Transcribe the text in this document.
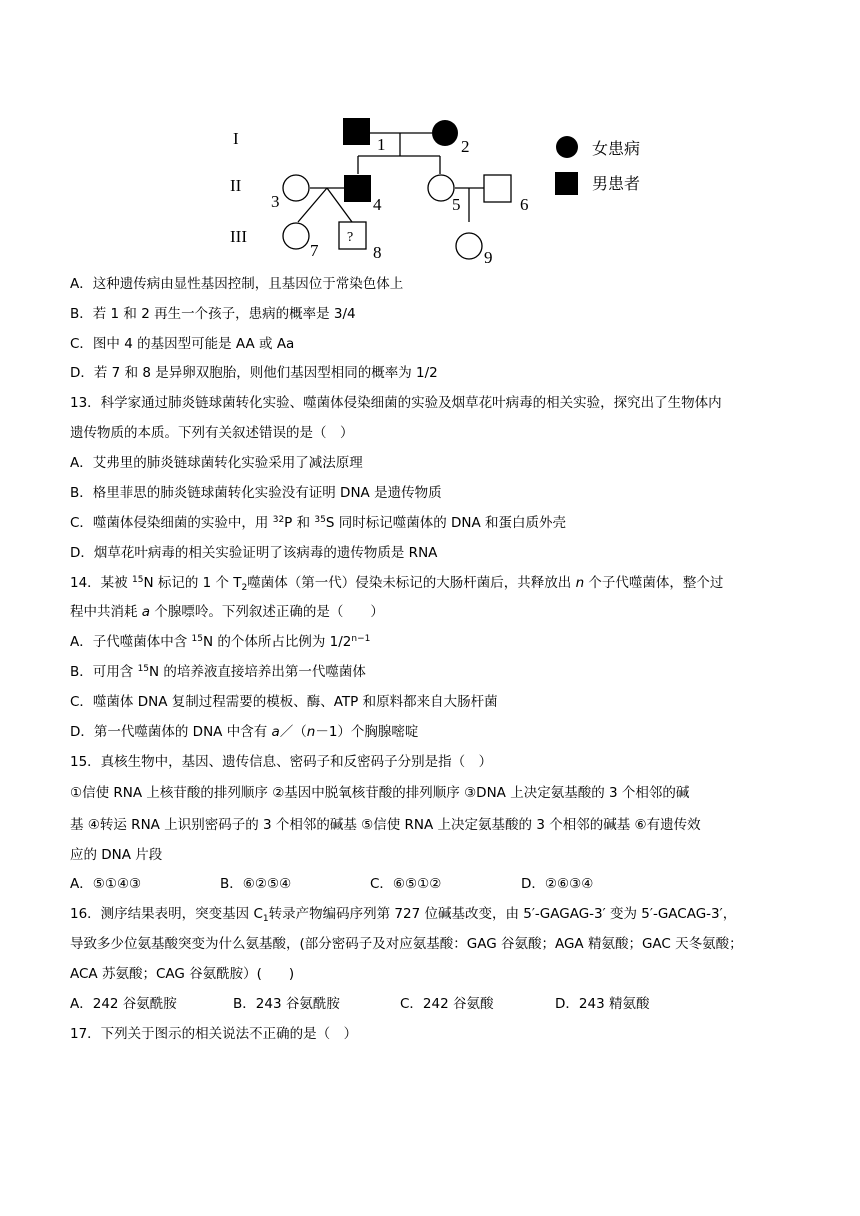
I
II
III	?
1	2
3	4	5	6
7	8	9
女患病
男患者
A．这种遗传病由显性基因控制，且基因位于常染色体上
B．若 1 和 2 再生一个孩子，患病的概率是 3/4
C．图中 4 的基因型可能是 AA 或 Aa
D．若 7 和 8 是异卵双胞胎，则他们基因型相同的概率为 1/2
13．科学家通过肺炎链球菌转化实验、噬菌体侵染细菌的实验及烟草花叶病毒的相关实验，探究出了生物体内
遗传物质的本质。下列有关叙述错误的是（　）
A．艾弗里的肺炎链球菌转化实验采用了减法原理
B．格里菲思的肺炎链球菌转化实验没有证明 DNA 是遗传物质
C．噬菌体侵染细菌的实验中，用 $^{32}$P 和 $^{35}$S 同时标记噬菌体的 DNA 和蛋白质外壳
D．烟草花叶病毒的相关实验证明了该病毒的遗传物质是 RNA
14．某被 $^{15}$N 标记的 1 个 $T_2$噬菌体（第一代）侵染未标记的大肠杆菌后，共释放出 n 个子代噬菌体，整个过
程中共消耗 a 个腺嘌呤。下列叙述正确的是（　　）
A．子代噬菌体中含 $^{15}$N 的个体所占比例为 $1/2^{n-1}$
B．可用含 $^{15}$N 的培养液直接培养出第一代噬菌体
C．噬菌体 DNA 复制过程需要的模板、酶、ATP 和原料都来自大肠杆菌
D．第一代噬菌体的 DNA 中含有 a／（n－1）个胸腺嘧啶
15．真核生物中，基因、遗传信息、密码子和反密码子分别是指（　）
①信使 RNA 上核苷酸的排列顺序 ②基因中脱氧核苷酸的排列顺序 ③DNA 上决定氨基酸的 3 个相邻的碱
基 ④转运 RNA 上识别密码子的 3 个相邻的碱基 ⑤信使 RNA 上决定氨基酸的 3 个相邻的碱基 ⑥有遗传效
应的 DNA 片段
A．⑤①④③	B．⑥②⑤④	C．⑥⑤①②	D．②⑥③④
16．测序结果表明，突变基因 $C_1$转录产物编码序列第 727 位碱基改变，由 5′-GAGAG-3′ 变为 5′-GACAG-3′，
导致多少位氨基酸突变为什么氨基酸，(部分密码子及对应氨基酸：GAG 谷氨酸；AGA 精氨酸；GAC 天冬氨酸；
ACA 苏氨酸；CAG 谷氨酰胺）(　　)
A．242 谷氨酰胺	B．243 谷氨酰胺	C．242 谷氨酸	D．243 精氨酸
17．下列关于图示的相关说法不正确的是（　）
